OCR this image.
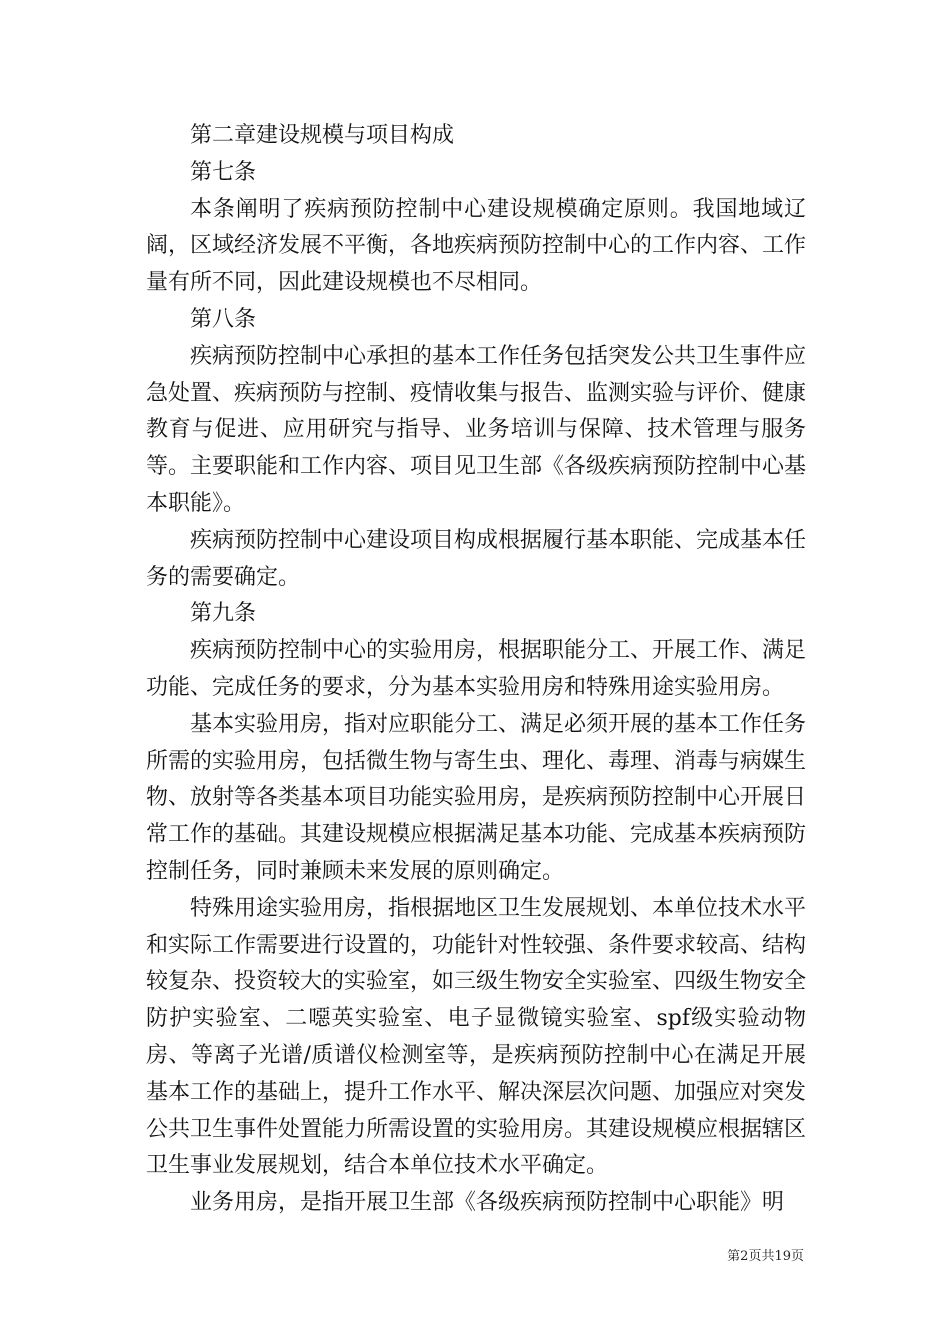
第二章建设规模与项目构成

第七条

本条阐明了疾病预防控制中心建设规模确定原则。我国地域辽阔，区域经济发展不平衡，各地疾病预防控制中心的工作内容、工作量有所不同，因此建设规模也不尽相同。

第八条

疾病预防控制中心承担的基本工作任务包括突发公共卫生事件应急处置、疾病预防与控制、疫情收集与报告、监测实验与评价、健康教育与促进、应用研究与指导、业务培训与保障、技术管理与服务等。主要职能和工作内容、项目见卫生部《各级疾病预防控制中心基本职能》。

疾病预防控制中心建设项目构成根据履行基本职能、完成基本任务的需要确定。

第九条

疾病预防控制中心的实验用房，根据职能分工、开展工作、满足功能、完成任务的要求，分为基本实验用房和特殊用途实验用房。

基本实验用房，指对应职能分工、满足必须开展的基本工作任务所需的实验用房，包括微生物与寄生虫、理化、毒理、消毒与病媒生物、放射等各类基本项目功能实验用房，是疾病预防控制中心开展日常工作的基础。其建设规模应根据满足基本功能、完成基本疾病预防控制任务，同时兼顾未来发展的原则确定。

特殊用途实验用房，指根据地区卫生发展规划、本单位技术水平和实际工作需要进行设置的，功能针对性较强、条件要求较高、结构较复杂、投资较大的实验室，如三级生物安全实验室、四级生物安全防护实验室、二噁英实验室、电子显微镜实验室、spf级实验动物房、等离子光谱/质谱仪检测室等，是疾病预防控制中心在满足开展基本工作的基础上，提升工作水平、解决深层次问题、加强应对突发公共卫生事件处置能力所需设置的实验用房。其建设规模应根据辖区卫生事业发展规划，结合本单位技术水平确定。

业务用房，是指开展卫生部《各级疾病预防控制中心职能》明

第2页共19页
